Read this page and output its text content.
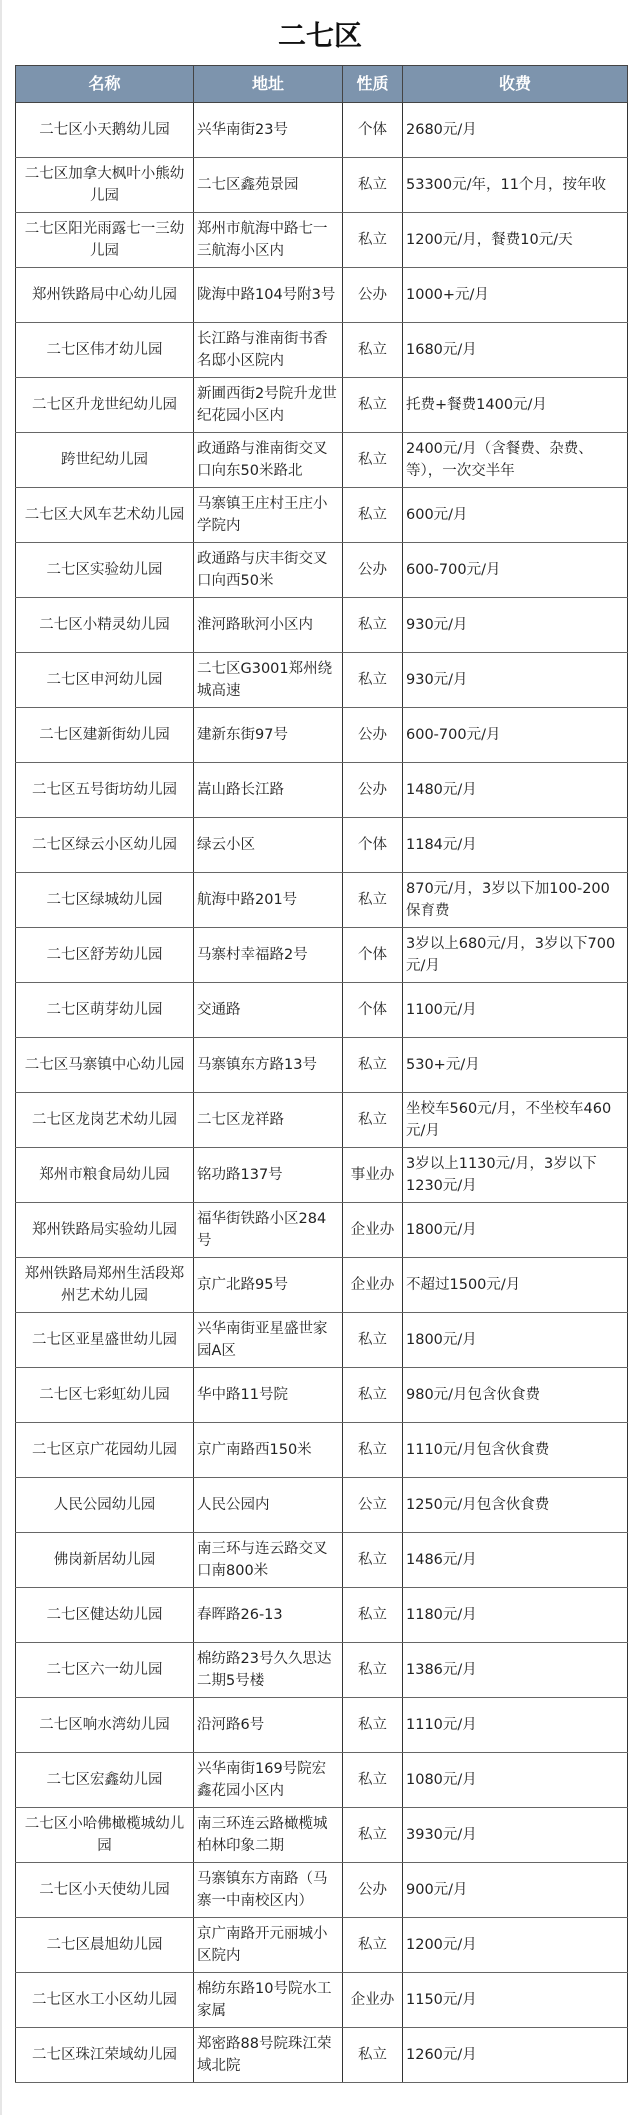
二七区
名称	地址	性质	收费
二七区小天鹅幼儿园	兴华南街23号	个体	2680元/月
二七区加拿大枫叶小熊幼儿园	二七区鑫苑景园	私立	53300元/年，11个月，按年收
二七区阳光雨露七一三幼儿园	郑州市航海中路七一三航海小区内	私立	1200元/月，餐费10元/天
郑州铁路局中心幼儿园	陇海中路104号附3号	公办	1000+元/月
二七区伟才幼儿园	长江路与淮南街书香名邸小区院内	私立	1680元/月
二七区升龙世纪幼儿园	新圃西街2号院升龙世纪花园小区内	私立	托费+餐费1400元/月
跨世纪幼儿园	政通路与淮南街交叉口向东50米路北	私立	2400元/月（含餐费、杂费、等），一次交半年
二七区大风车艺术幼儿园	马寨镇王庄村王庄小学院内	私立	600元/月
二七区实验幼儿园	政通路与庆丰街交叉口向西50米	公办	600-700元/月
二七区小精灵幼儿园	淮河路耿河小区内	私立	930元/月
二七区申河幼儿园	二七区G3001郑州绕城高速	私立	930元/月
二七区建新街幼儿园	建新东街97号	公办	600-700元/月
二七区五号街坊幼儿园	嵩山路长江路	公办	1480元/月
二七区绿云小区幼儿园	绿云小区	个体	1184元/月
二七区绿城幼儿园	航海中路201号	私立	870元/月，3岁以下加100-200保育费
二七区舒芳幼儿园	马寨村幸福路2号	个体	3岁以上680元/月，3岁以下700元/月
二七区萌芽幼儿园	交通路	个体	1100元/月
二七区马寨镇中心幼儿园	马寨镇东方路13号	私立	530+元/月
二七区龙岗艺术幼儿园	二七区龙祥路	私立	坐校车560元/月，不坐校车460元/月
郑州市粮食局幼儿园	铭功路137号	事业办	3岁以上1130元/月，3岁以下1230元/月
郑州铁路局实验幼儿园	福华街铁路小区284号	企业办	1800元/月
郑州铁路局郑州生活段郑州艺术幼儿园	京广北路95号	企业办	不超过1500元/月
二七区亚星盛世幼儿园	兴华南街亚星盛世家园A区	私立	1800元/月
二七区七彩虹幼儿园	华中路11号院	私立	980元/月包含伙食费
二七区京广花园幼儿园	京广南路西150米	私立	1110元/月包含伙食费
人民公园幼儿园	人民公园内	公立	1250元/月包含伙食费
佛岗新居幼儿园	南三环与连云路交叉口南800米	私立	1486元/月
二七区健达幼儿园	春晖路26-13	私立	1180元/月
二七区六一幼儿园	棉纺路23号久久思达二期5号楼	私立	1386元/月
二七区响水湾幼儿园	沿河路6号	私立	1110元/月
二七区宏鑫幼儿园	兴华南街169号院宏鑫花园小区内	私立	1080元/月
二七区小哈佛橄榄城幼儿园	南三环连云路橄榄城柏林印象二期	私立	3930元/月
二七区小天使幼儿园	马寨镇东方南路（马寨一中南校区内）	公办	900元/月
二七区晨旭幼儿园	京广南路开元丽城小区院内	私立	1200元/月
二七区水工小区幼儿园	棉纺东路10号院水工家属	企业办	1150元/月
二七区珠江荣域幼儿园	郑密路88号院珠江荣域北院	私立	1260元/月
